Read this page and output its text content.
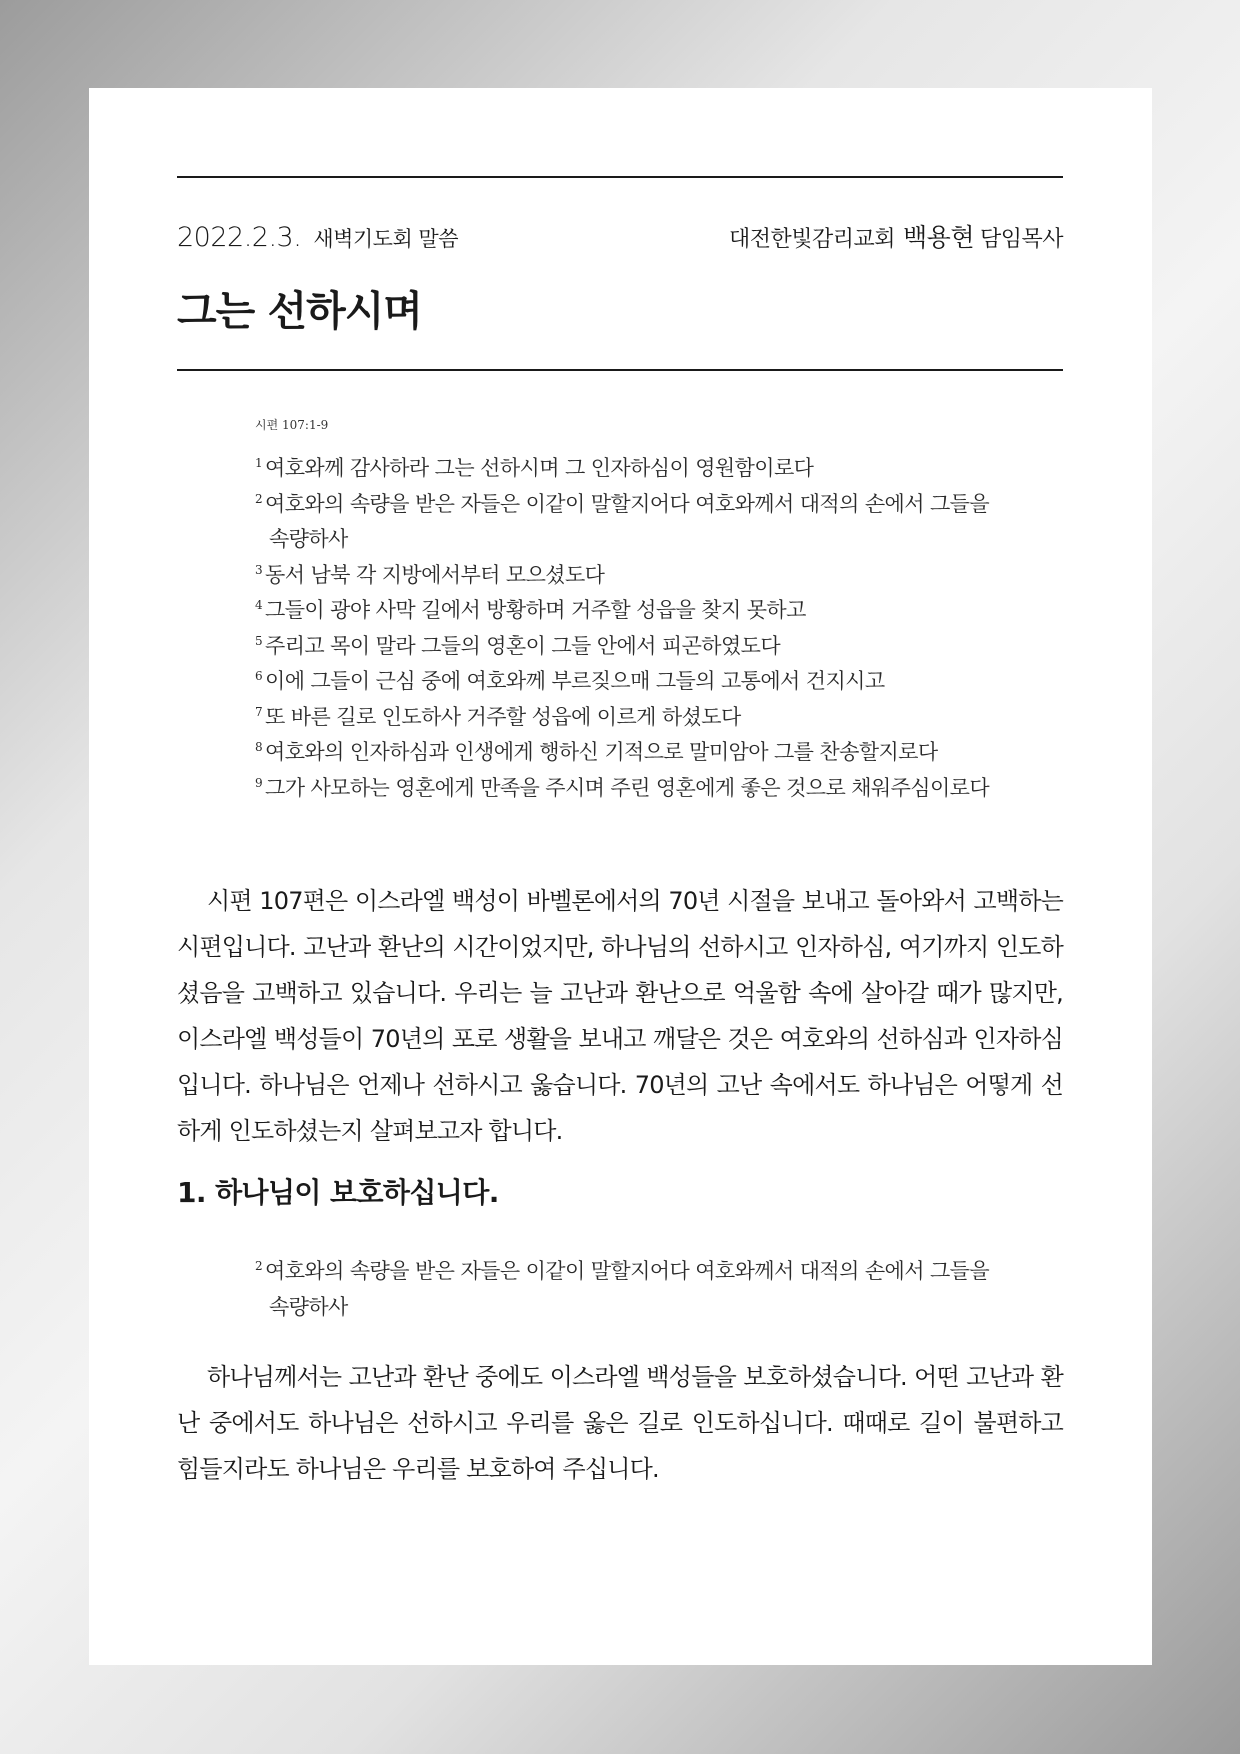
2022.2.3. 새벽기도회 말씀	대전한빛감리교회 백용현 담임목사
그는 선하시며
시편 107:1-9

$^1$ 여호와께 감사하라 그는 선하시며 그 인자하심이 영원함이로다

$^2$ 여호와의 속량을 받은 자들은 이같이 말할지어다 여호와께서 대적의 손에서 그들을 속량하사

$^3$ 동서 남북 각 지방에서부터 모으셨도다

$^4$ 그들이 광야 사막 길에서 방황하며 거주할 성읍을 찾지 못하고

$^5$ 주리고 목이 말라 그들의 영혼이 그들 안에서 피곤하였도다

$^6$ 이에 그들이 근심 중에 여호와께 부르짖으매 그들의 고통에서 건지시고

$^7$ 또 바른 길로 인도하사 거주할 성읍에 이르게 하셨도다

$^8$ 여호와의 인자하심과 인생에게 행하신 기적으로 말미암아 그를 찬송할지로다

$^9$ 그가 사모하는 영혼에게 만족을 주시며 주린 영혼에게 좋은 것으로 채워주심이로다

시편 107편은 이스라엘 백성이 바벨론에서의 70년 시절을 보내고 돌아와서 고백하는 시편입니다. 고난과 환난의 시간이었지만, 하나님의 선하시고 인자하심, 여기까지 인도하셨음을 고백하고 있습니다. 우리는 늘 고난과 환난으로 억울함 속에 살아갈 때가 많지만, 이스라엘 백성들이 70년의 포로 생활을 보내고 깨달은 것은 여호와의 선하심과 인자하심입니다. 하나님은 언제나 선하시고 옳습니다. 70년의 고난 속에서도 하나님은 어떻게 선하게 인도하셨는지 살펴보고자 합니다.

1. 하나님이 보호하십니다.

$^2$ 여호와의 속량을 받은 자들은 이같이 말할지어다 여호와께서 대적의 손에서 그들을 속량하사

하나님께서는 고난과 환난 중에도 이스라엘 백성들을 보호하셨습니다. 어떤 고난과 환난 중에서도 하나님은 선하시고 우리를 옳은 길로 인도하십니다. 때때로 길이 불편하고 힘들지라도 하나님은 우리를 보호하여 주십니다.
